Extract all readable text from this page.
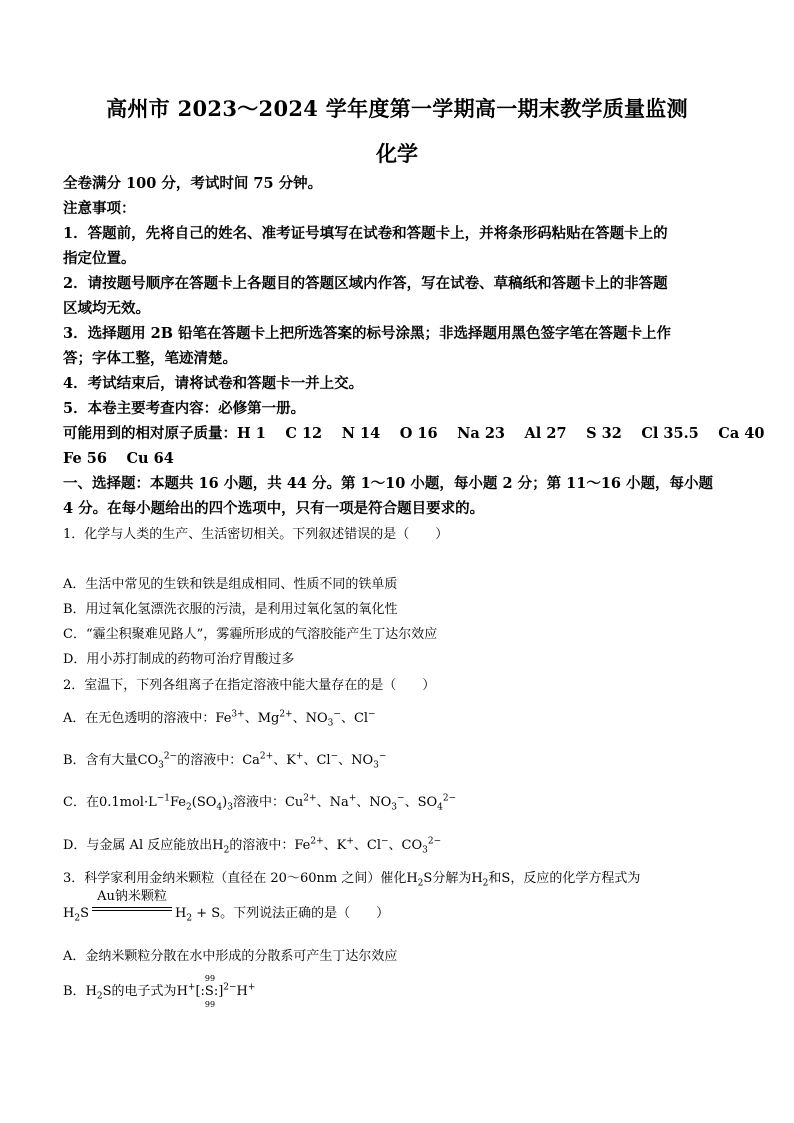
高州市 2023～2024 学年度第一学期高一期末教学质量监测
化学
全卷满分 100 分，考试时间 75 分钟。
注意事项：
1．答题前，先将自己的姓名、准考证号填写在试卷和答题卡上，并将条形码粘贴在答题卡上的
指定位置。
2．请按题号顺序在答题卡上各题目的答题区域内作答，写在试卷、草稿纸和答题卡上的非答题
区域均无效。
3．选择题用 2B 铅笔在答题卡上把所选答案的标号涂黑；非选择题用黑色签字笔在答题卡上作
答；字体工整，笔迹清楚。
4．考试结束后，请将试卷和答题卡一并上交。
5．本卷主要考查内容：必修第一册。
可能用到的相对原子质量：H 1　 C 12　 N 14　 O 16　 Na 23　 Al 27　 S 32　 Cl 35.5　 Ca 40
Fe 56　 Cu 64
一、选择题：本题共 16 小题，共 44 分。第 1～10 小题，每小题 2 分；第 11～16 小题，每小题
4 分。在每小题给出的四个选项中，只有一项是符合题目要求的。
1．化学与人类的生产、生活密切相关。下列叙述错误的是（　　）
A．生活中常见的生铁和铁是组成相同、性质不同的铁单质
B．用过氧化氢漂洗衣服的污渍，是利用过氧化氢的氧化性
C．“霾尘积聚难见路人”，雾霾所形成的气溶胶能产生丁达尔效应
D．用小苏打制成的药物可治疗胃酸过多
2．室温下，下列各组离子在指定溶液中能大量存在的是（　　）
A．在无色透明的溶液中：$Fe^{3+}$、$Mg^{2+}$、$NO_3^-$、Cl−
B．含有大量$CO_3^{2-}$的溶液中：$Ca^{2+}$、K+、Cl−、$NO_3^-$
C．在$0.1mol\cdot L^{-1}Fe_2(SO_4)_3$溶液中：$Cu^{2+}$、Na+、$NO_3^-$、$SO_4^{2-}$
D．与金属 Al 反应能放出$H_2$的溶液中：$Fe^{2+}$、K+、Cl−、$CO_3^{2-}$
3．科学家利用金纳米颗粒（直径在 20～60nm 之间）催化$H_2S$分解为$H_2$和S，反应的化学方程式为
$H_2S$
Au钠米颗粒
$H_2 + S$。下列说法正确的是（　　）
A．金纳米颗粒分散在水中形成的分散系可产生丁达尔效应
B．$H_2S$的电子式为H+[:
99
S
99
:]$^{2-}$H+
